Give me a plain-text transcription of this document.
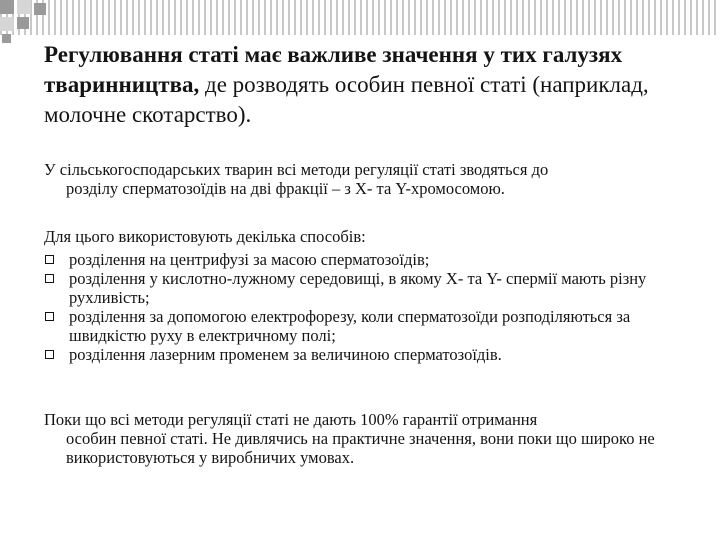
Регулювання статі має важливе значення у тих галузях тваринництва, де розводять особин певної статі (наприклад, молочне скотарство).
У сільськогосподарських тварин всі методи регуляції статі зводяться до
розділу сперматозоїдів на дві фракції – з X- та Y-хромосомою.
Для цього використовують декілька способів:
розділення на центрифузі за масою сперматозоїдів;
розділення у кислотно-лужному середовищі, в якому X- та Y- спермії мають різну рухливість;
розділення за допомогою електрофорезу, коли сперматозоїди розподіляються за швидкістю руху в електричному полі;
розділення лазерним променем за величиною сперматозоїдів.
Поки що всі методи регуляції статі не дають 100% гарантії отримання
особин певної статі. Не дивлячись на практичне значення, вони поки що широко не використовуються у виробничих умовах.
